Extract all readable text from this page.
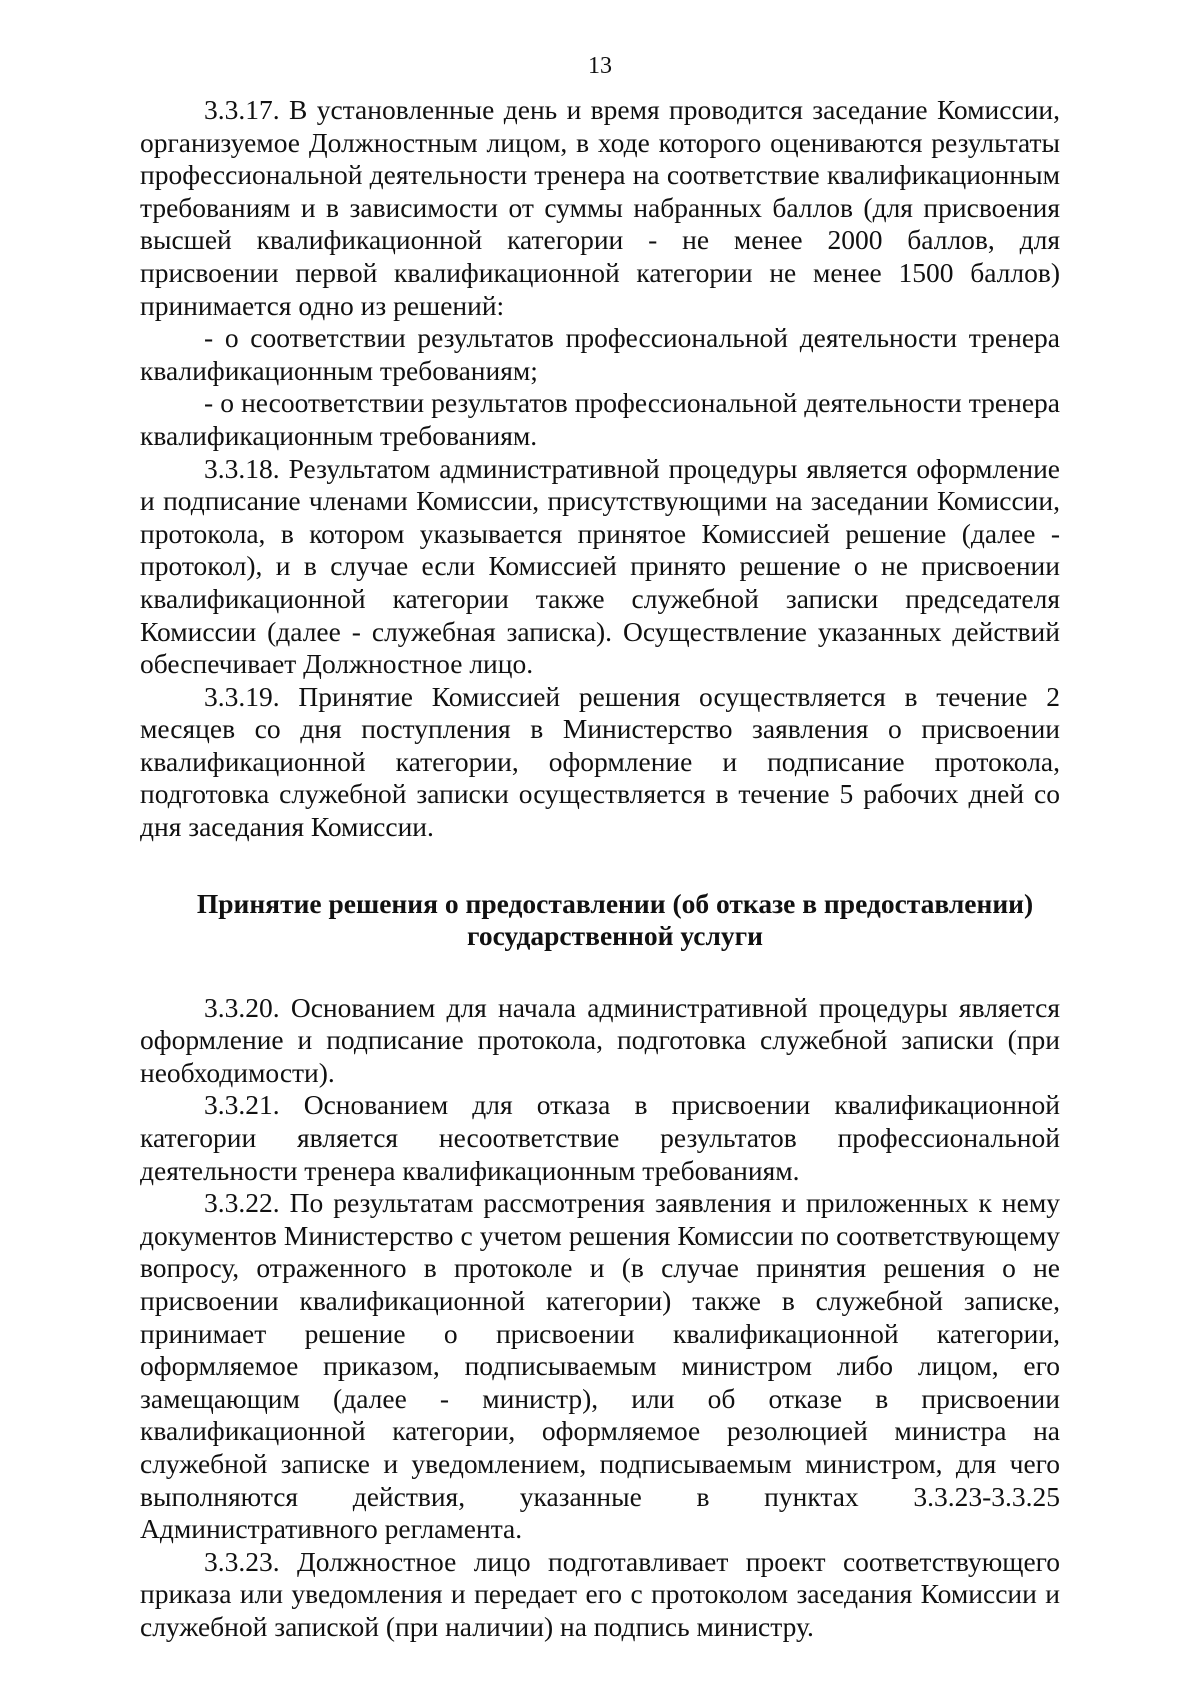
13

3.3.17. В установленные день и время проводится заседание Комиссии, организуемое Должностным лицом, в ходе которого оцениваются результаты профессиональной деятельности тренера на соответствие квалификационным требованиям и в зависимости от суммы набранных баллов (для присвоения высшей квалификационной категории - не менее 2000 баллов, для присвоении первой квалификационной категории не менее 1500 баллов) принимается одно из решений:

- о соответствии результатов профессиональной деятельности тренера квалификационным требованиям;

- о несоответствии результатов профессиональной деятельности тренера квалификационным требованиям.

3.3.18. Результатом административной процедуры является оформление и подписание членами Комиссии, присутствующими на заседании Комиссии, протокола, в котором указывается принятое Комиссией решение (далее - протокол), и в случае если Комиссией принято решение о не присвоении квалификационной категории также служебной записки председателя Комиссии (далее - служебная записка). Осуществление указанных действий обеспечивает Должностное лицо.

3.3.19. Принятие Комиссией решения осуществляется в течение 2 месяцев со дня поступления в Министерство заявления о присвоении квалификационной категории, оформление и подписание протокола, подготовка служебной записки осуществляется в течение 5 рабочих дней со дня заседания Комиссии.

Принятие решения о предоставлении (об отказе в предоставлении)
государственной услуги

3.3.20. Основанием для начала административной процедуры является оформление и подписание протокола, подготовка служебной записки (при необходимости).

3.3.21. Основанием для отказа в присвоении квалификационной категории является несоответствие результатов профессиональной деятельности тренера квалификационным требованиям.

3.3.22. По результатам рассмотрения заявления и приложенных к нему документов Министерство с учетом решения Комиссии по соответствующему вопросу, отраженного в протоколе и (в случае принятия решения о не присвоении квалификационной категории) также в служебной записке, принимает решение о присвоении квалификационной категории, оформляемое приказом, подписываемым министром либо лицом, его замещающим (далее - министр), или об отказе в присвоении квалификационной категории, оформляемое резолюцией министра на служебной записке и уведомлением, подписываемым министром, для чего выполняются действия, указанные в пунктах 3.3.23-3.3.25 Административного регламента.

3.3.23. Должностное лицо подготавливает проект соответствующего приказа или уведомления и передает его с протоколом заседания Комиссии и служебной запиской (при наличии) на подпись министру.
